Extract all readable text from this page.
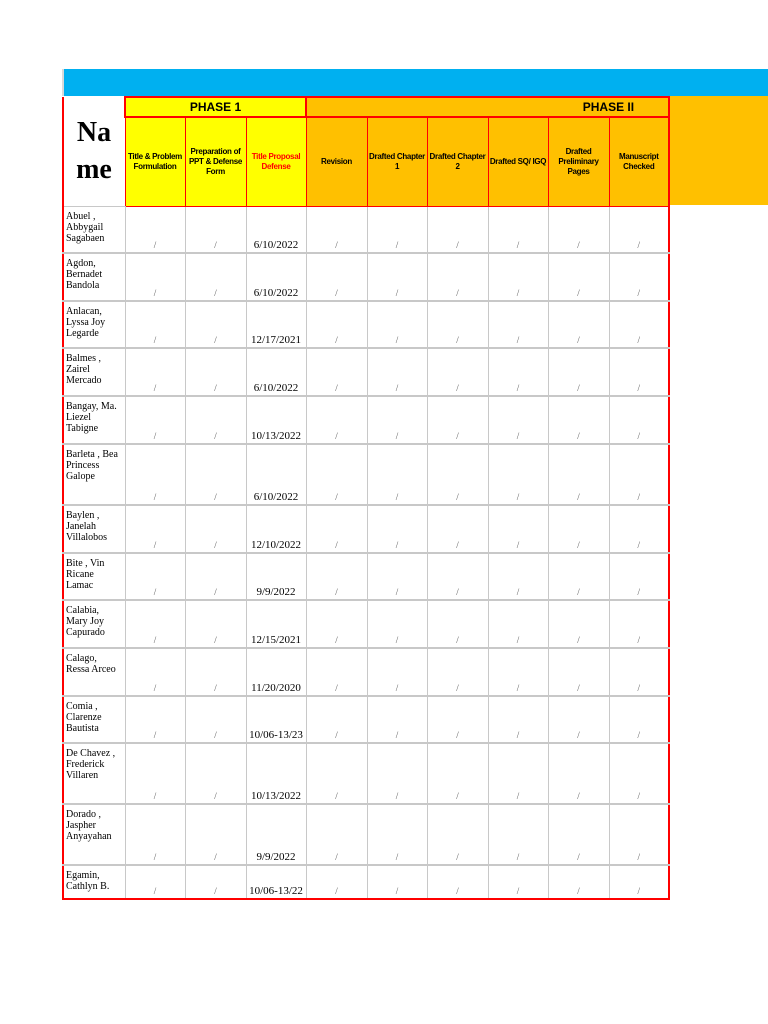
Na me	PHASE 1			PHASE II					
	Title & Problem Formulation	Preparation of PPT & Defense Form	Title Proposal Defense	Revision	Drafted Chapter 1	Drafted Chapter 2	Drafted SQ/ IGQ	Drafted Preliminary Pages	Manuscript Checked

Abuel , Abbygail Sagabaen	/	/	6/10/2022	/	/	/	/	/	/

Agdon, Bernadet Bandola	/	/	6/10/2022	/	/	/	/	/	/

Anlacan, Lyssa Joy Legarde	/	/	12/17/2021	/	/	/	/	/	/

Balmes , Zairel Mercado	/	/	6/10/2022	/	/	/	/	/	/

Bangay, Ma. Liezel Tabigne	/	/	10/13/2022	/	/	/	/	/	/

Barleta , Bea Princess Galope	/	/	6/10/2022	/	/	/	/	/	/

Baylen , Janelah Villalobos	/	/	12/10/2022	/	/	/	/	/	/

Bite , Vin Ricane Lamac	/	/	9/9/2022	/	/	/	/	/	/

Calabia, Mary Joy Capurado	/	/	12/15/2021	/	/	/	/	/	/

Calago, Ressa Arceo	/	/	11/20/2020	/	/	/	/	/	/

Comia , Clarenze Bautista	/	/	10/06-13/23	/	/	/	/	/	/

De Chavez , Frederick Villaren	/	/	10/13/2022	/	/	/	/	/	/

Dorado , Jaspher Anyayahan	/	/	9/9/2022	/	/	/	/	/	/

Egamin, Cathlyn B.	/	/	10/06-13/22	/	/	/	/	/	/
